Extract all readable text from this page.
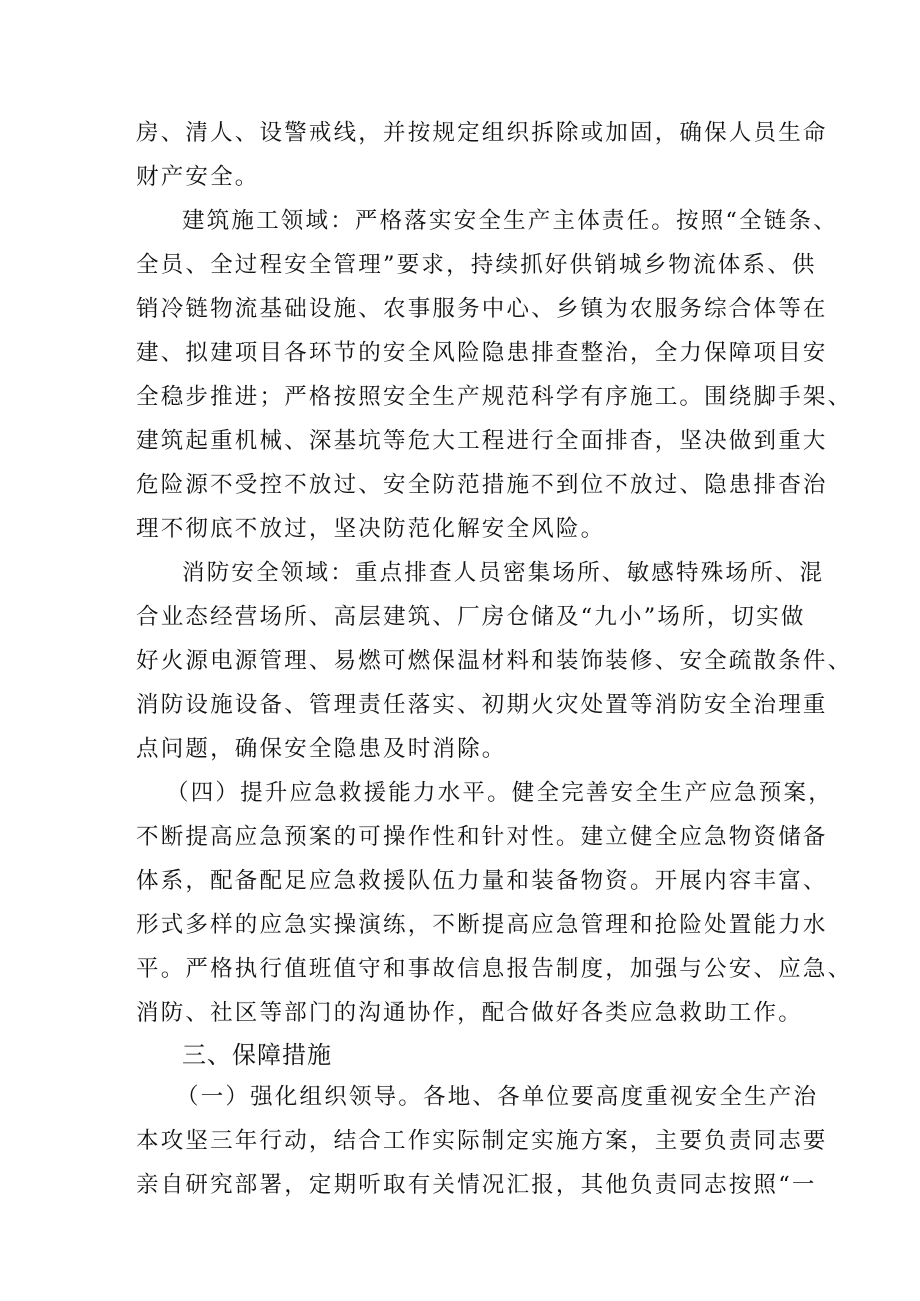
房、清人、设警戒线，并按规定组织拆除或加固，确保人员生命
财产安全。
建筑施工领域：严格落实安全生产主体责任。按照“全链条、
全员、全过程安全管理”要求，持续抓好供销城乡物流体系、供
销冷链物流基础设施、农事服务中心、乡镇为农服务综合体等在
建、拟建项目各环节的安全风险隐患排查整治，全力保障项目安
全稳步推进；严格按照安全生产规范科学有序施工。围绕脚手架、
建筑起重机械、深基坑等危大工程进行全面排杳，坚决做到重大
危险源不受控不放过、安全防范措施不到位不放过、隐患排杳治
理不彻底不放过，坚决防范化解安全风险。
消防安全领域：重点排查人员密集场所、敏感特殊场所、混
合业态经营场所、高层建筑、厂房仓储及“九小”场所，切实做
好火源电源管理、易燃可燃保温材料和装饰装修、安全疏散条件、
消防设施设备、管理责任落实、初期火灾处置等消防安全治理重
点问题，确保安全隐患及时消除。
（四）提升应急救援能力水平。健全完善安全生产应急预案，
不断提高应急预案的可操作性和针对性。建立健全应急物资储备
体系，配备配足应急救援队伍力量和装备物资。开展内容丰富、
形式多样的应急实操演练，不断提高应急管理和抢险处置能力水
平。严格执行值班值守和事故信息报告制度，加强与公安、应急、
消防、社区等部门的沟通协作，配合做好各类应急救助工作。
三、保障措施
（一）强化组织领导。各地、各单位要高度重视安全生产治
本攻坚三年行动，结合工作实际制定实施方案，主要负责同志要
亲自研究部署，定期听取有关情况汇报，其他负责同志按照“一
